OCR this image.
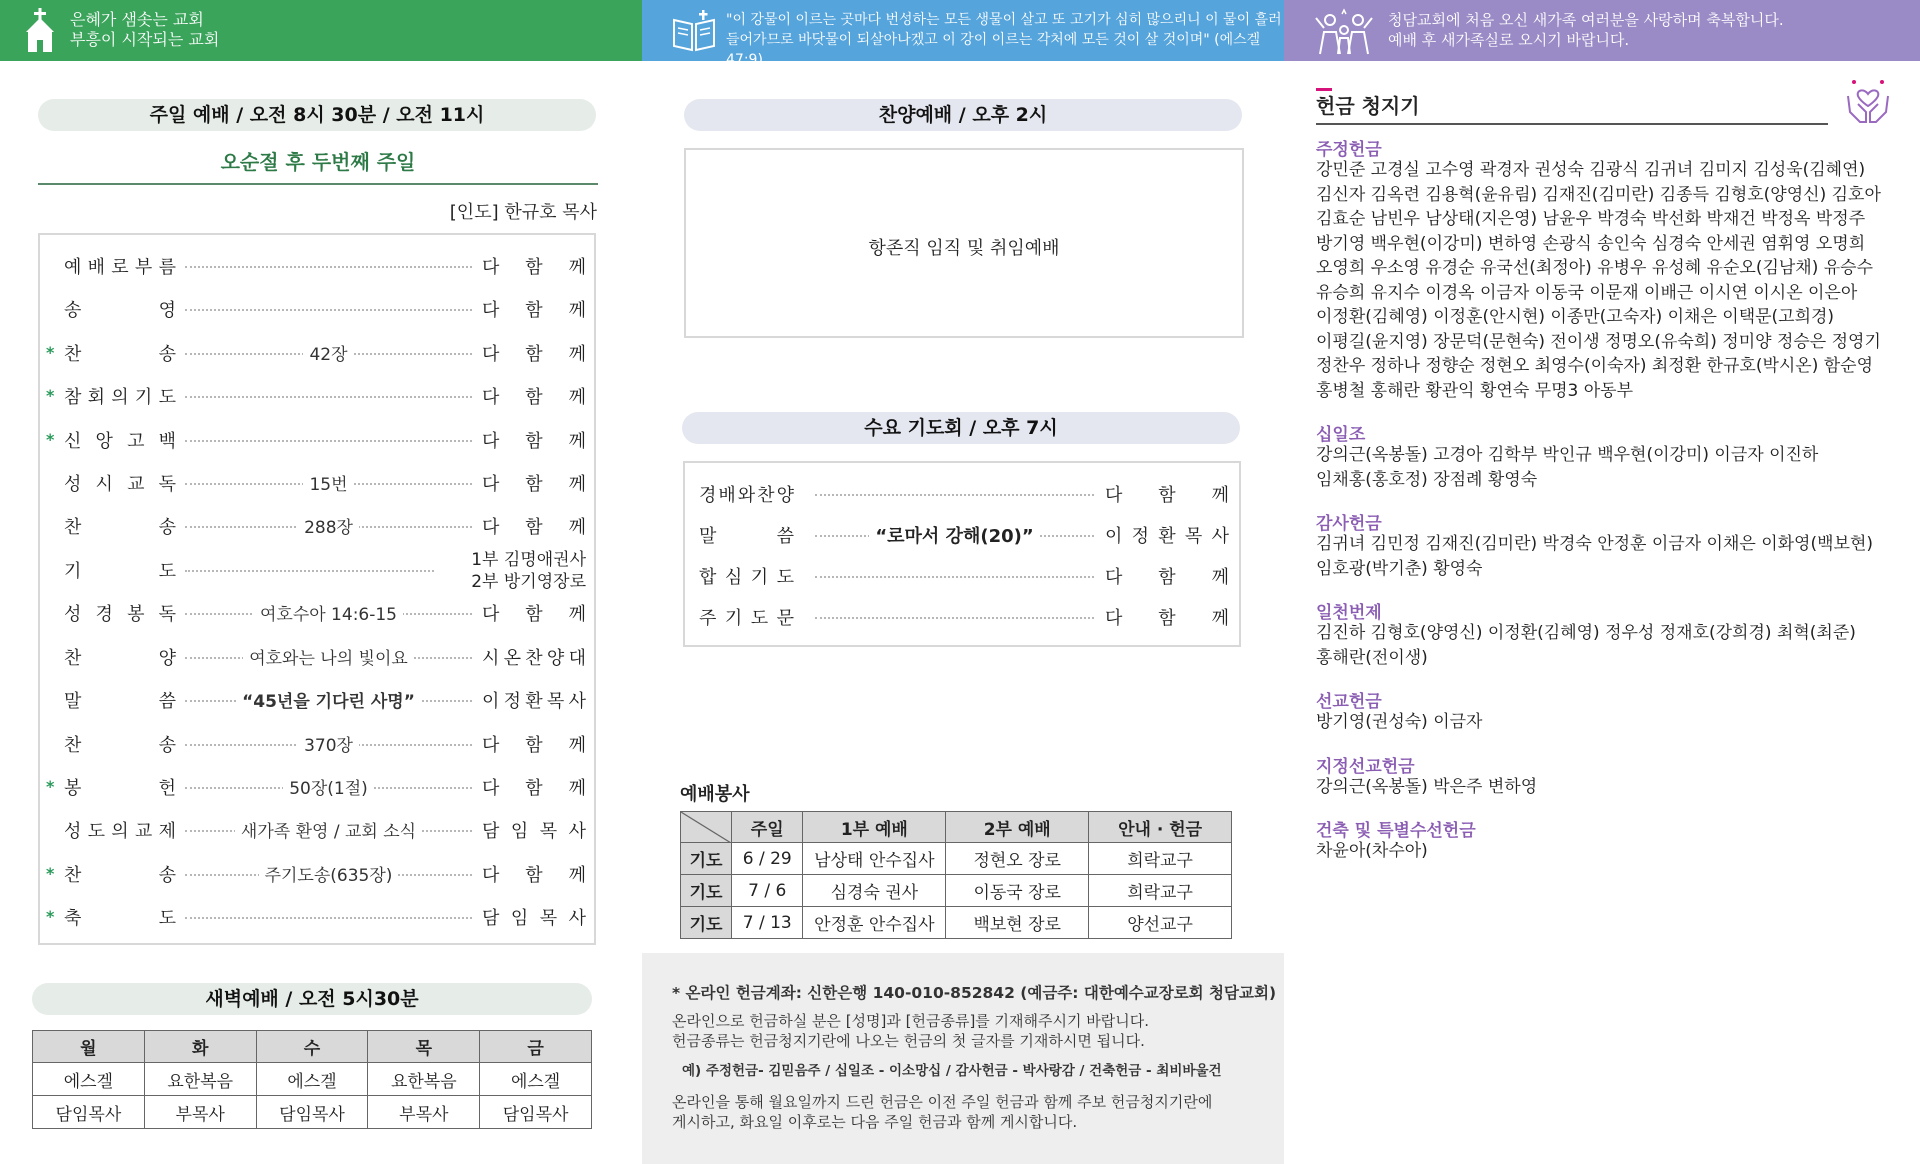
은혜가 샘솟는 교회
부흥이 시작되는 교회
"이 강물이 이르는 곳마다 번성하는 모든 생물이 살고 또 고기가 심히 많으리니 이 물이 흘러
들어가므로 바닷물이 되살아나겠고 이 강이 이르는 각처에 모든 것이 살 것이며" (에스겔 47:9)
청담교회에 처음 오신 새가족 여러분을 사랑하며 축복합니다.
예배 후 새가족실로 오시기 바랍니다.
주일 예배 / 오전 8시 30분 / 오전 11시
오순절 후 두번째 주일
[인도] 한규호 목사
예 배 로 부 름	다 함 께
송	영	다 함 께
* 찬	송	42장	다 함 께
* 참 회 의 기 도	다 함 께
* 신 앙 고 백	다 함 께
성 시 교 독	15번	다 함 께
찬	송	288장	다 함 께
기	도
1부 김명애권사
2부 방기영장로
성 경 봉 독	여호수아 14:6-15	다 함 께
찬	양	여호와는 나의 빛이요	시 온 찬 양 대
말	씀	“45년을 기다린 사명”	이 정 환 목 사
찬	송	370장	다 함 께
* 봉	헌	50장(1절)	다 함 께
성 도 의 교 제	새가족 환영 / 교회 소식	담 임 목 사
* 찬	송	주기도송(635장)	다 함 께
* 축	도	담 임 목 사
새벽예배 / 오전 5시30분
월	화	수	목	금
에스겔	요한복음	에스겔	요한복음	에스겔
담임목사	부목사	담임목사	부목사	담임목사
찬양예배 / 오후 2시
항존직 임직 및 취임예배
수요 기도회 / 오후 7시
경 배 와 찬 양	다 함 께
말	씀	“로마서 강해(20)”	이 정 환 목 사
합 심 기 도	다 함 께
주 기 도 문	다 함 께
예배봉사
	주일	1부 예배	2부 예배	안내 · 헌금
기도	6 / 29	남상태 안수집사	정현오 장로	희락교구
기도	7 / 6	심경숙 권사	이동국 장로	희락교구
기도	7 / 13	안정훈 안수집사	백보현 장로	양선교구

* 온라인 헌금계좌: 신한은행 140-010-852842 (예금주: 대한예수교장로회 청담교회)

온라인으로 헌금하실 분은 [성명]과 [헌금종류]를 기재해주시기 바랍니다.

헌금종류는 헌금청지기란에 나오는 헌금의 첫 글자를 기재하시면 됩니다.

예) 주정헌금- 김믿음주 / 십일조 - 이소망십 / 감사헌금 - 박사랑감 / 건축헌금 - 최비바울건

온라인을 통해 월요일까지 드린 헌금은 이전 주일 헌금과 함께 주보 헌금청지기란에

게시하고, 화요일 이후로는 다음 주일 헌금과 함께 게시합니다.

헌금 청지기
주정헌금
강민준 고경실 고수영 곽경자 권성숙 김광식 김귀녀 김미지 김성욱(김혜연)
김신자 김옥련 김용혁(윤유림) 김재진(김미란) 김종득 김형호(양영신) 김호아
김효순 남빈우 남상태(지은영) 남윤우 박경숙 박선화 박재건 박정옥 박정주
방기영 백우현(이강미) 변하영 손광식 송인숙 심경숙 안세권 염휘영 오명희
오영희 우소영 유경순 유국선(최정아) 유병우 유성혜 유순오(김남채) 유승수
유승희 유지수 이경옥 이금자 이동국 이문재 이배근 이시연 이시온 이은아
이정환(김혜영) 이정훈(안시현) 이종만(고숙자) 이채은 이택문(고희경)
이평길(윤지영) 장문덕(문현숙) 전이생 정명오(유숙희) 정미양 정승은 정영기
정찬우 정하나 정향순 정현오 최영수(이숙자) 최정환 한규호(박시온) 함순영
홍병철 홍해란 황관익 황연숙 무명3 아동부
십일조
강의근(옥봉돌) 고경아 김학부 박인규 백우현(이강미) 이금자 이진하
임채홍(홍호정) 장점례 황영숙
감사헌금
김귀녀 김민정 김재진(김미란) 박경숙 안정훈 이금자 이채은 이화영(백보현)
임호광(박기춘) 황영숙
일천번제
김진하 김형호(양영신) 이정환(김혜영) 정우성 정재호(강희경) 최혁(최준)
홍해란(전이생)
선교헌금
방기영(권성숙) 이금자
지정선교헌금
강의근(옥봉돌) 박은주 변하영
건축 및 특별수선헌금
차윤아(차수아)
